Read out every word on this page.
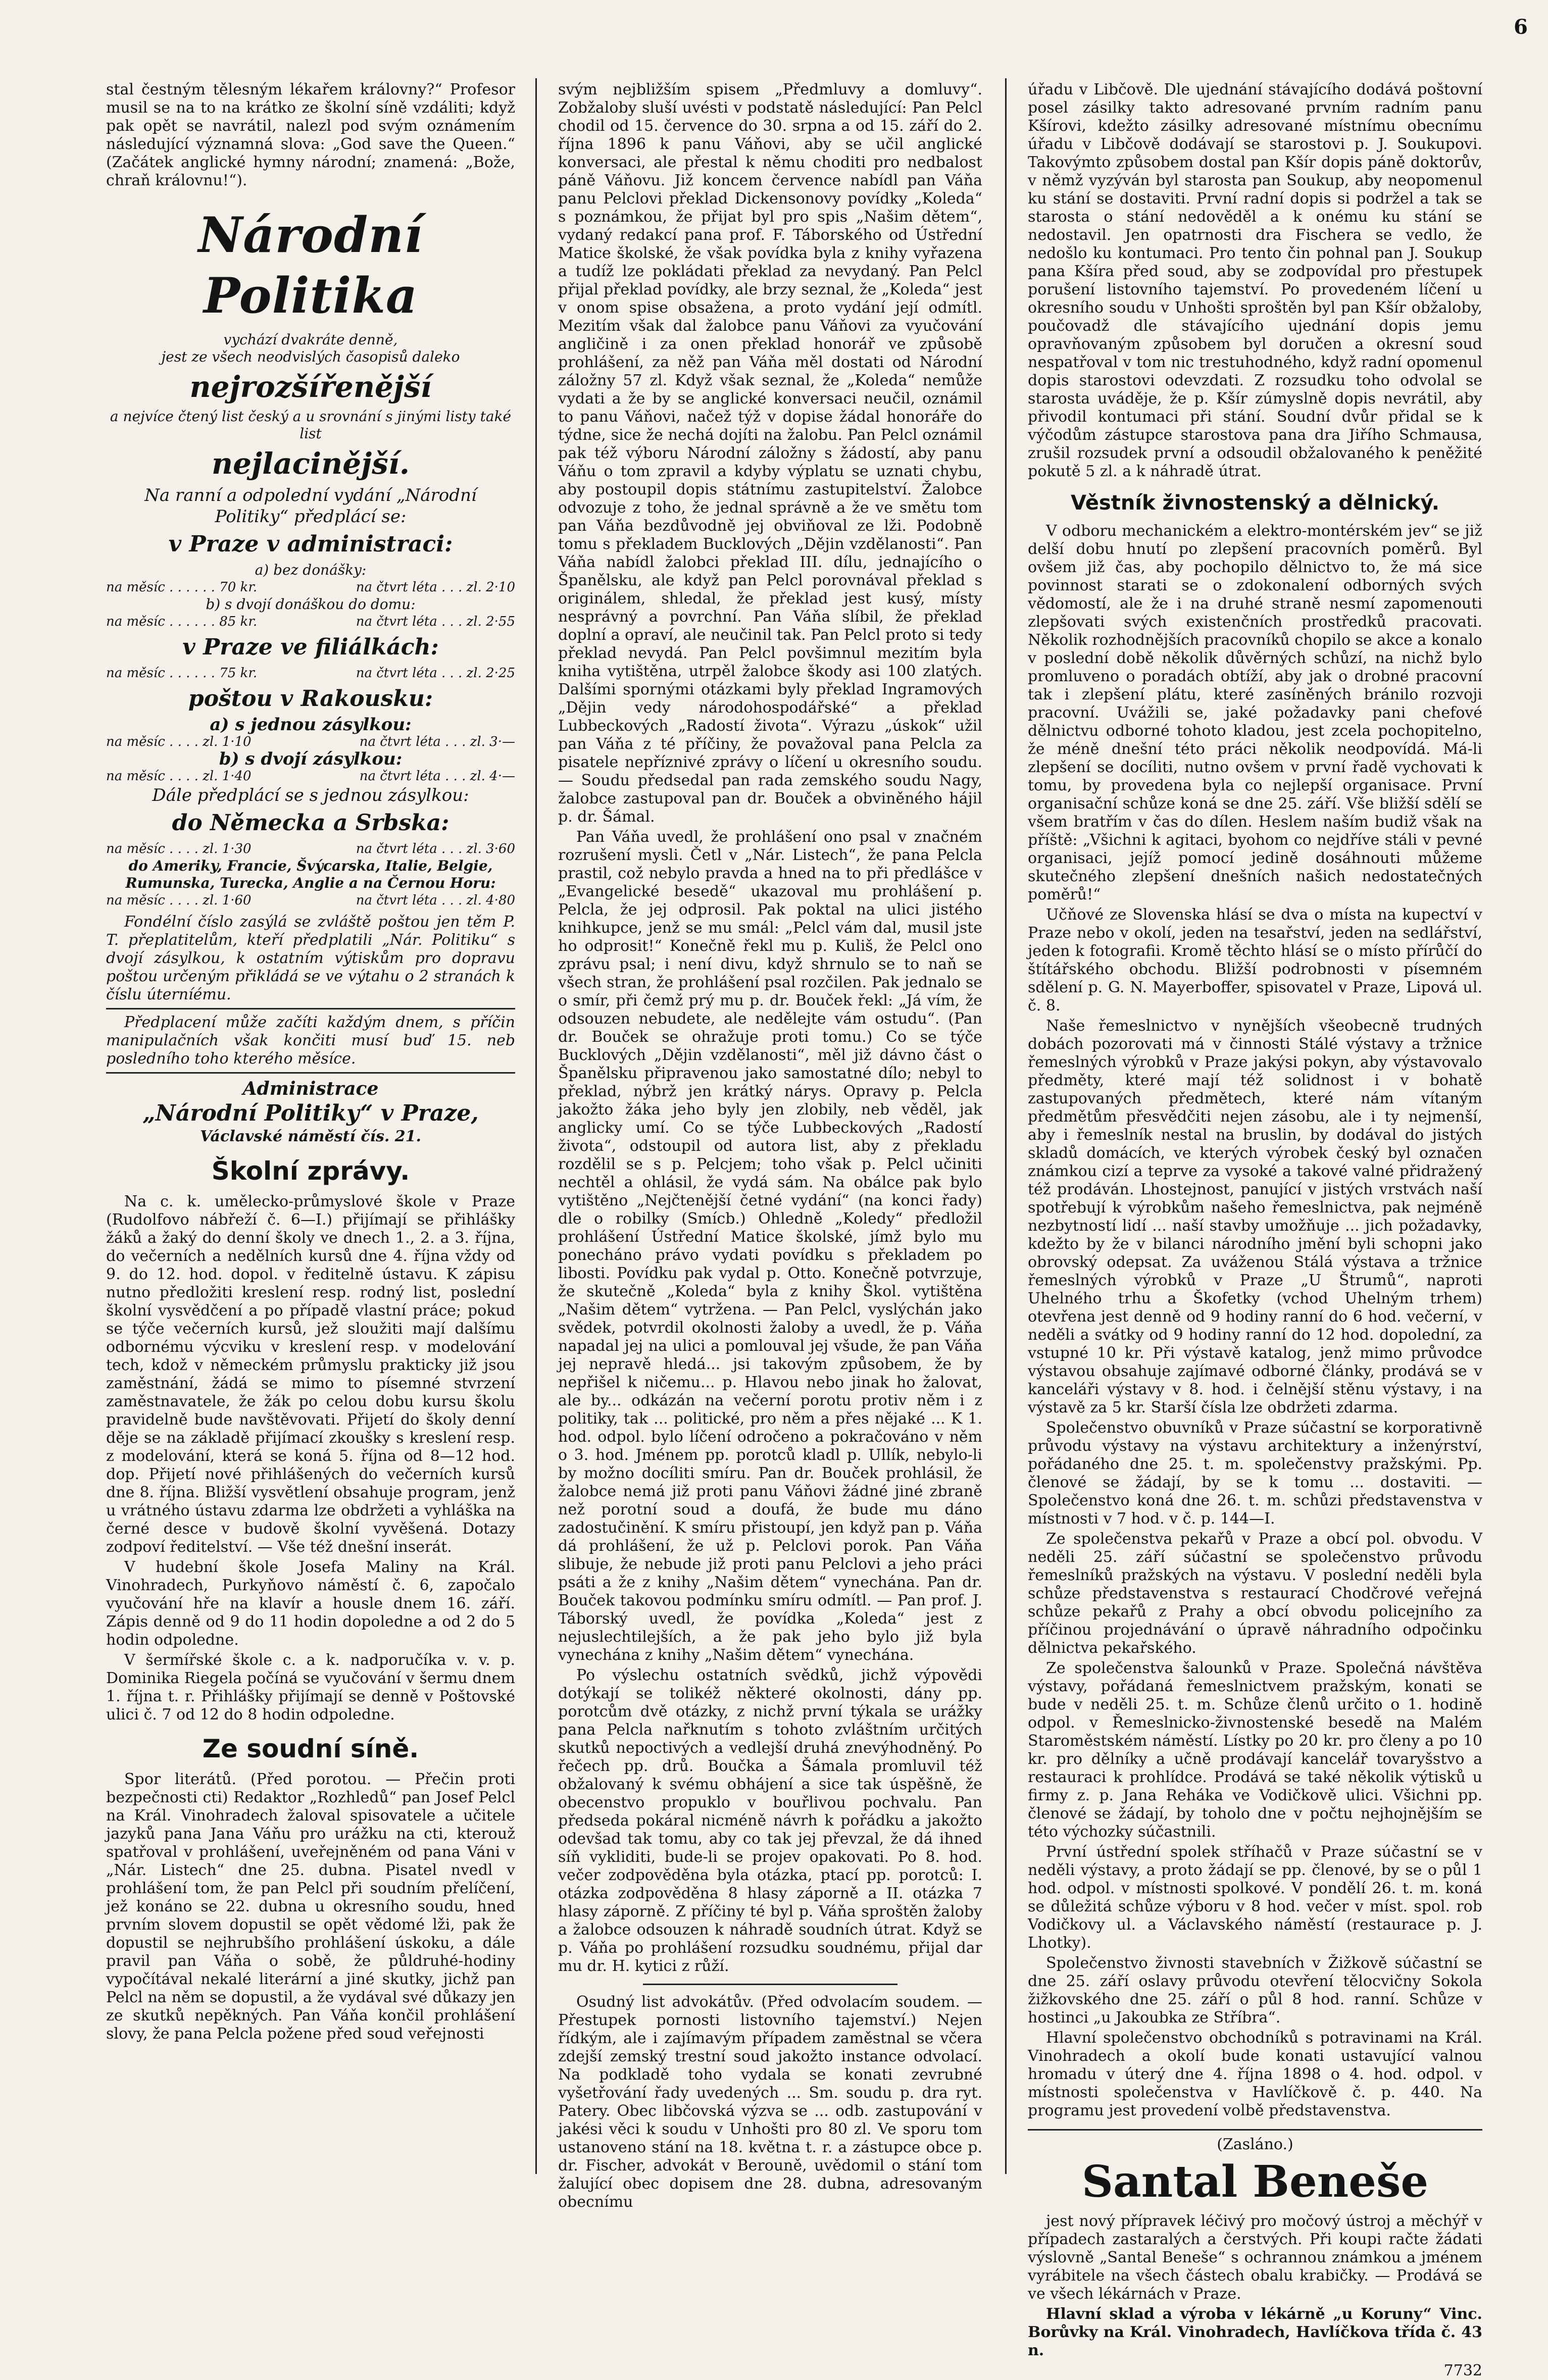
6

stal čestným tělesným lékařem královny?“ Profesor musil se na to na krátko ze školní síně vzdáliti; když pak opět se navrátil, nalezl pod svým oznámením následující významná slova: „God save the Queen.“ (Začátek anglické hymny národní; znamená: „Bože, chraň královnu!“).

Národní Politika
vychází dvakráte denně,
jest ze všech neodvislých časopisů daleko
nejrozšířenější
a nejvíce čtený list český a u srovnání s jinými listy také list
nejlacinější.
Na ranní a odpolední vydání „Národní Politiky“ předplácí se:
v Praze v administraci:
a) bez donášky:
na měsíc . . . . . . 70 kr.	na čtvrt léta . . . zl. 2·10
b) s dvojí donáškou do domu:
na měsíc . . . . . . 85 kr.	na čtvrt léta . . . zl. 2·55
v Praze ve filiálkách:
na měsíc . . . . . . 75 kr.	na čtvrt léta . . . zl. 2·25
poštou v Rakousku:
a) s jednou zásylkou:
na měsíc . . . . zl. 1·10	na čtvrt léta . . . zl. 3·—
b) s dvojí zásylkou:
na měsíc . . . . zl. 1·40	na čtvrt léta . . . zl. 4·—
Dále předplácí se s jednou zásylkou:
do Německa a Srbska:
na měsíc . . . . zl. 1·30	na čtvrt léta . . . zl. 3·60
do Ameriky, Francie, Švýcarska, Italie, Belgie, Rumunska, Turecka, Anglie a na Černou Horu:
na měsíc . . . . zl. 1·60	na čtvrt léta . . . zl. 4·80

Fondélní číslo zasýlá se zvláště poštou jen těm P. T. přeplatitelům, kteří předplatili „Nár. Politiku“ s dvojí zásylkou, k ostatním výtiskům pro dopravu poštou určeným přikládá se ve výtahu o 2 stranách k číslu úterníému.

Předplacení může začíti každým dnem, s příčin manipulačních však končiti musí buď 15. neb posledního toho kterého měsíce.

Administrace
„Národní Politiky“ v Praze,
Václavské náměstí čís. 21.
Školní zprávy.

Na c. k. umělecko-průmyslové škole v Praze (Rudolfovo nábřeží č. 6—I.) přijímají se přihlášky žáků a žaký do denní školy ve dnech 1., 2. a 3. října, do večerních a nedělních kursů dne 4. října vždy od 9. do 12. hod. dopol. v ředitelně ústavu. K zápisu nutno předložiti kreslení resp. rodný list, poslední školní vysvědčení a po případě vlastní práce; pokud se týče večerních kursů, jež sloužiti mají dalšímu odbornému výcviku v kreslení resp. v modelování tech, kdož v německém průmyslu prakticky již jsou zaměstnání, žádá se mimo to písemné stvrzení zaměstnavatele, že žák po celou dobu kursu školu pravidelně bude navštěvovati. Přijetí do školy denní děje se na základě přijímací zkoušky s kreslení resp. z modelování, která se koná 5. října od 8—12 hod. dop. Přijetí nové přihlášených do večerních kursů dne 8. října. Bližší vysvětlení obsahuje program, jenž u vrátného ústavu zdarma lze obdržeti a vyhláška na černé desce v budově školní vyvěšená. Dotazy zodpoví ředitelství. — Vše též dnešní inserát.

V hudební škole Josefa Maliny na Král. Vinohradech, Purkyňovo náměstí č. 6, započalo vyučování hře na klavír a housle dnem 16. září. Zápis denně od 9 do 11 hodin dopoledne a od 2 do 5 hodin odpoledne.

V šermířské škole c. a k. nadporučíka v. v. p. Dominika Riegela počíná se vyučování v šermu dnem 1. října t. r. Přihlášky přijímají se denně v Poštovské ulici č. 7 od 12 do 8 hodin odpoledne.

Ze soudní síně.

Spor literátů. (Před porotou. — Přečin proti bezpečnosti cti) Redaktor „Rozhledů“ pan Josef Pelcl na Král. Vinohradech žaloval spisovatele a učitele jazyků pana Jana Váňu pro urážku na cti, kterouž spatřoval v prohlášení, uveřejněném od pana Váni v „Nár. Listech“ dne 25. dubna. Pisatel nvedl v prohlášení tom, že pan Pelcl při soudním přelíčení, jež konáno se 22. dubna u okresního soudu, hned prvním slovem dopustil se opět vědomé lži, pak že dopustil se nejhrubšího prohlášení úskoku, a dále pravil pan Váňa o sobě, že půldruhé-hodiny vypočítával nekalé literární a jiné skutky, jichž pan Pelcl na něm se dopustil, a že vydával své důkazy jen ze skutků nepěkných. Pan Váňa končil prohlášení slovy, že pana Pelcla požene před soud veřejnosti

svým nejbližším spisem „Předmluvy a domluvy“. Zobžaloby sluší uvésti v podstatě následující: Pan Pelcl chodil od 15. července do 30. srpna a od 15. září do 2. října 1896 k panu Váňovi, aby se učil anglické konversaci, ale přestal k němu choditi pro nedbalost páně Váňovu. Již koncem července nabídl pan Váňa panu Pelclovi překlad Dickensonovy povídky „Koleda“ s poznámkou, že přijat byl pro spis „Našim dětem“, vydaný redakcí pana prof. F. Táborského od Ústřední Matice školské, že však povídka byla z knihy vyřazena a tudíž lze pokládati překlad za nevydaný. Pan Pelcl přijal překlad povídky, ale brzy seznal, že „Koleda“ jest v onom spise obsažena, a proto vydání její odmítl. Mezitím však dal žalobce panu Váňovi za vyučování angličině i za onen překlad honorář ve způsobě prohlášení, za něž pan Váňa měl dostati od Národní záložny 57 zl. Když však seznal, že „Koleda“ nemůže vydati a že by se anglické konversaci neučil, oznámil to panu Váňovi, načež týž v dopise žádal honoráře do týdne, sice že nechá dojíti na žalobu. Pan Pelcl oznámil pak též výboru Národní záložny s žádostí, aby panu Váňu o tom zpravil a kdyby výplatu se uznati chybu, aby postoupil dopis státnímu zastupitelství. Žalobce odvozuje z toho, že jednal správně a že ve smětu tom pan Váňa bezdůvodně jej obviňoval ze lži. Podobně tomu s překladem Bucklových „Dějin vzdělanosti“. Pan Váňa nabídl žalobci překlad III. dílu, jednajícího o Španělsku, ale když pan Pelcl porovnával překlad s originálem, shledal, že překlad jest kusý, místy nesprávný a povrchní. Pan Váňa slíbil, že překlad doplní a opraví, ale neučinil tak. Pan Pelcl proto si tedy překlad nevydá. Pan Pelcl povšimnul mezitím byla kniha vytištěna, utrpěl žalobce škody asi 100 zlatých. Dalšími spornými otázkami byly překlad Ingramových „Dějin vedy národohospodářské“ a překlad Lubbeckových „Radostí života“. Výrazu „úskok“ užil pan Váňa z té příčiny, že považoval pana Pelcla za pisatele nepříznivé zprávy o líčení u okresního soudu. — Soudu předsedal pan rada zemského soudu Nagy, žalobce zastupoval pan dr. Bouček a obviněného hájil p. dr. Šámal.

Pan Váňa uvedl, že prohlášení ono psal v značném rozrušení mysli. Četl v „Nár. Listech“, že pana Pelcla prastil, což nebylo pravda a hned na to při předlášce v „Evangelické besedě“ ukazoval mu prohlášení p. Pelcla, že jej odprosil. Pak poktal na ulici jistého knihkupce, jenž se mu smál: „Pelcl vám dal, musil jste ho odprosit!“ Konečně řekl mu p. Kuliš, že Pelcl ono zprávu psal; i není divu, když shrnulo se to naň se všech stran, že prohlášení psal rozčilen. Pak jednalo se o smír, při čemž prý mu p. dr. Bouček řekl: „Já vím, že odsouzen nebudete, ale nedělejte vám ostudu“. (Pan dr. Bouček se ohražuje proti tomu.) Co se týče Bucklových „Dějin vzdělanosti“, měl již dávno část o Španělsku připravenou jako samostatné dílo; nebyl to překlad, nýbrž jen krátký nárys. Opravy p. Pelcla jakožto žáka jeho byly jen zlobily, neb věděl, jak anglicky umí. Co se týče Lubbeckových „Radostí života“, odstoupil od autora list, aby z překladu rozdělil se s p. Pelcjem; toho však p. Pelcl učiniti nechtěl a ohlásil, že vydá sám. Na obálce pak bylo vytištěno „Nejčtenější četné vydání“ (na konci řady) dle o robilky (Smícb.) Ohledně „Koledy“ předložil prohlášení Ústřední Matice školské, jímž bylo mu ponecháno právo vydati povídku s překladem po libosti. Povídku pak vydal p. Otto. Konečně potvrzuje, že skutečně „Koleda“ byla z knihy Škol. vytištěna „Našim dětem“ vytržena. — Pan Pelcl, vyslýchán jako svědek, potvrdil okolnosti žaloby a uvedl, že p. Váňa napadal jej na ulici a pomlouval jej všude, že pan Váňa jej nepravě hledá... jsi takovým způsobem, že by nepřišel k ničemu... p. Hlavou nebo jinak ho žalovat, ale by... odkázán na večerní porotu protiv něm i z politiky, tak ... politické, pro něm a přes nějaké ... K 1. hod. odpol. bylo líčení odročeno a pokračováno v něm o 3. hod. Jménem pp. porotců kladl p. Ullík, nebylo-li by možno docíliti smíru. Pan dr. Bouček prohlásil, že žalobce nemá již proti panu Váňovi žádné jiné zbraně než porotní soud a doufá, že bude mu dáno zadostučinění. K smíru přistoupí, jen když pan p. Váňa dá prohlášení, že už p. Pelclovi porok. Pan Váňa slibuje, že nebude již proti panu Pelclovi a jeho práci psáti a že z knihy „Našim dětem“ vynechána. Pan dr. Bouček takovou podmínku smíru odmítl. — Pan prof. J. Táborský uvedl, že povídka „Koleda“ jest z nejuslechtilejších, a že pak jeho bylo již byla vynechána z knihy „Našim dětem“ vynechána.

Po výslechu ostatních svědků, jichž výpovědi dotýkají se tolikéž některé okolnosti, dány pp. porotcům dvě otázky, z nichž první týkala se urážky pana Pelcla nařknutím s tohoto zvláštním určitých skutků nepoctivých a vedlejší druhá znevýhodněný. Po řečech pp. drů. Boučka a Šámala promluvil též obžalovaný k svému obhájení a sice tak úspěšně, že obecenstvo propuklo v bouřlivou pochvalu. Pan předseda pokáral nicméně návrh k pořádku a jakožto odevšad tak tomu, aby co tak jej převzal, že dá ihned síň vykliditi, bude-li se projev opakovati. Po 8. hod. večer zodpověděna byla otázka, ptací pp. porotců: I. otázka zodpověděna 8 hlasy záporně a II. otázka 7 hlasy záporně. Z příčiny té byl p. Váňa sproštěn žaloby a žalobce odsouzen k náhradě soudních útrat. Když se p. Váňa po prohlášení rozsudku soudnému, přijal dar mu dr. H. kytici z růží.

Osudný list advokátův. (Před odvolacím soudem. — Přestupek pornosti listovního tajemství.) Nejen řídkým, ale i zajímavým případem zaměstnal se včera zdejší zemský trestní soud jakožto instance odvolací. Na podkladě toho vydala se konati zevrubné vyšetřování řady uvedených ... Sm. soudu p. dra ryt. Patery. Obec libčovská výzva se ... odb. zastupování v jakési věci k soudu v Unhošti pro 80 zl. Ve sporu tom ustanoveno stání na 18. května t. r. a zástupce obce p. dr. Fischer, advokát v Berouně, uvědomil o stání tom žalující obec dopisem dne 28. dubna, adresovaným obecnímu

úřadu v Libčově. Dle ujednání stávajícího dodává poštovní posel zásilky takto adresované prvním radním panu Kšírovi, kdežto zásilky adresované místnímu obecnímu úřadu v Libčově dodávají se starostovi p. J. Soukupovi. Takovýmto způsobem dostal pan Kšír dopis páně doktorův, v němž vyzýván byl starosta pan Soukup, aby neopomenul ku stání se dostaviti. První radní dopis si podržel a tak se starosta o stání nedověděl a k onému ku stání se nedostavil. Jen opatrnosti dra Fischera se vedlo, že nedošlo ku kontumaci. Pro tento čin pohnal pan J. Soukup pana Kšíra před soud, aby se zodpovídal pro přestupek porušení listovního tajemství. Po provedeném líčení u okresního soudu v Unhošti sproštěn byl pan Kšír obžaloby, poučovadž dle stávajícího ujednání dopis jemu opravňovaným způsobem byl doručen a okresní soud nespatřoval v tom nic trestuhodného, když radní opomenul dopis starostovi odevzdati. Z rozsudku toho odvolal se starosta uváděje, že p. Kšír zúmyslně dopis nevrátil, aby přivodil kontumaci při stání. Soudní dvůr přidal se k výčodům zástupce starostova pana dra Jiřího Schmausa, zrušil rozsudek první a odsoudil obžalovaného k peněžité pokutě 5 zl. a k náhradě útrat.

Věstník živnostenský a dělnický.

V odboru mechanickém a elektro-montérském jev“ se již delší dobu hnutí po zlepšení pracovních poměrů. Byl ovšem již čas, aby pochopilo dělnictvo to, že má sice povinnost starati se o zdokonalení odborných svých vědomostí, ale že i na druhé straně nesmí zapomenouti zlepšovati svých existenčních prostředků pracovati. Několik rozhodnějších pracovníků chopilo se akce a konalo v poslední době několik důvěrných schůzí, na nichž bylo promluveno o poradách obtíží, aby jak o drobné pracovní tak i zlepšení plátu, které zasíněných bránilo rozvoji pracovní. Uvážili se, jaké požadavky pani chefové dělnictvu odborné tohoto kladou, jest zcela pochopitelno, že méně dnešní této práci několik neodpovídá. Má-li zlepšení se docíliti, nutno ovšem v první řadě vychovati k tomu, by provedena byla co nejlepší organisace. První organisační schůze koná se dne 25. září. Vše bližší sdělí se všem bratřím v čas do dílen. Heslem naším budiž však na příště: „Všichni k agitaci, byohom co nejdříve stáli v pevné organisaci, jejíž pomocí jedině dosáhnouti můžeme skutečného zlepšení dnešních našich nedostatečných poměrů!“

Učňové ze Slovenska hlásí se dva o místa na kupectví v Praze nebo v okolí, jeden na tesařství, jeden na sedlářství, jeden k fotografii. Kromě těchto hlásí se o místo přírůčí do štítářského obchodu. Bližší podrobnosti v písemném sdělení p. G. N. Mayerboffer, spisovatel v Praze, Lipová ul. č. 8.

Naše řemeslnictvo v nynějších všeobecně trudných dobách pozorovati má v činnosti Stálé výstavy a tržnice řemeslných výrobků v Praze jakýsi pokyn, aby výstavovalo předměty, které mají též solidnost i v bohatě zastupovaných předmětech, které nám vítaným předmětům přesvědčiti nejen zásobu, ale i ty nejmenší, aby i řemeslník nestal na bruslin, by dodával do jistých skladů domácích, ve kterých výrobek český byl označen známkou cizí a teprve za vysoké a takové valné přidražený též prodáván. Lhostejnost, panující v jistých vrstvách naší spotřebují k výrobkům našeho řemeslnictva, pak nejméně nezbytností lidí ... naší stavby umožňuje ... jich požadavky, kdežto by že v bilanci národního jmění byli schopni jako obrovský odepsat. Za uváženou Stálá výstava a tržnice řemeslných výrobků v Praze „U Štrumů“, naproti Uhelného trhu a Škofetky (vchod Uhelným trhem) otevřena jest denně od 9 hodiny ranní do 6 hod. večerní, v neděli a svátky od 9 hodiny ranní do 12 hod. dopolední, za vstupné 10 kr. Při výstavě katalog, jenž mimo průvodce výstavou obsahuje zajímavé odborné články, prodává se v kanceláři výstavy v 8. hod. i čelnější stěnu výstavy, i na výstavě za 5 kr. Starší čísla lze obdržeti zdarma.

Společenstvo obuvníků v Praze súčastní se korporativně průvodu výstavy na výstavu architektury a inženýrství, pořádaného dne 25. t. m. společenstvy pražskými. Pp. členové se žádají, by se k tomu ... dostaviti. — Společenstvo koná dne 26. t. m. schůzi představenstva v místnosti v 7 hod. v č. p. 144—I.

Ze společenstva pekařů v Praze a obcí pol. obvodu. V neděli 25. září súčastní se společenstvo průvodu řemeslníků pražských na výstavu. V poslední neděli byla schůze představenstva s restaurací Chodčrové veřejná schůze pekařů z Prahy a obcí obvodu policejního za příčinou projednávání o úpravě náhradního odpočinku dělnictva pekařského.

Ze společenstva šalounků v Praze. Společná návštěva výstavy, pořádaná řemeslnictvem pražským, konati se bude v neděli 25. t. m. Schůze členů určito o 1. hodině odpol. v Řemeslnicko-živnostenské besedě na Malém Staroměstském náměstí. Lístky po 20 kr. pro členy a po 10 kr. pro dělníky a učně prodávají kancelář tovaryšstvo a restauraci k prohlídce. Prodává se také několik výtisků u firmy z. p. Jana Reháka ve Vodičkově ulici. Všichni pp. členové se žádají, by toholo dne v počtu nejhojnějším se této výchozky súčastnili.

První ústřední spolek stříhačů v Praze súčastní se v neděli výstavy, a proto žádají se pp. členové, by se o půl 1 hod. odpol. v místnosti spolkové. V pondělí 26. t. m. koná se důležitá schůze výboru v 8 hod. večer v míst. spol. rob Vodičkovy ul. a Václavského náměstí (restaurace p. J. Lhotky).

Společenstvo živnosti stavebních v Žižkově súčastní se dne 25. září oslavy průvodu otevření tělocvičny Sokola žižkovského dne 25. září o půl 8 hod. ranní. Schůze v hostinci „u Jakoubka ze Stříbra“.

Hlavní společenstvo obchodníků s potravinami na Král. Vinohradech a okolí bude konati ustavující valnou hromadu v úterý dne 4. října 1898 o 4. hod. odpol. v místnosti společenstva v Havlíčkově č. p. 440. Na programu jest provedení volbě představenstva.

(Zasláno.)
Santal Beneše

jest nový přípravek léčivý pro močový ústroj a měchýř v případech zastaralých a čerstvých. Při koupi račte žádati výslovně „Santal Beneše“ s ochrannou známkou a jménem vyrábitele na všech částech obalu krabičky. — Prodává se ve všech lékárnách v Praze.

Hlavní sklad a výroba v lékárně „u Koruny“ Vinc. Borůvky na Král. Vinohradech, Havlíčkova třída č. 43 n.

7732
